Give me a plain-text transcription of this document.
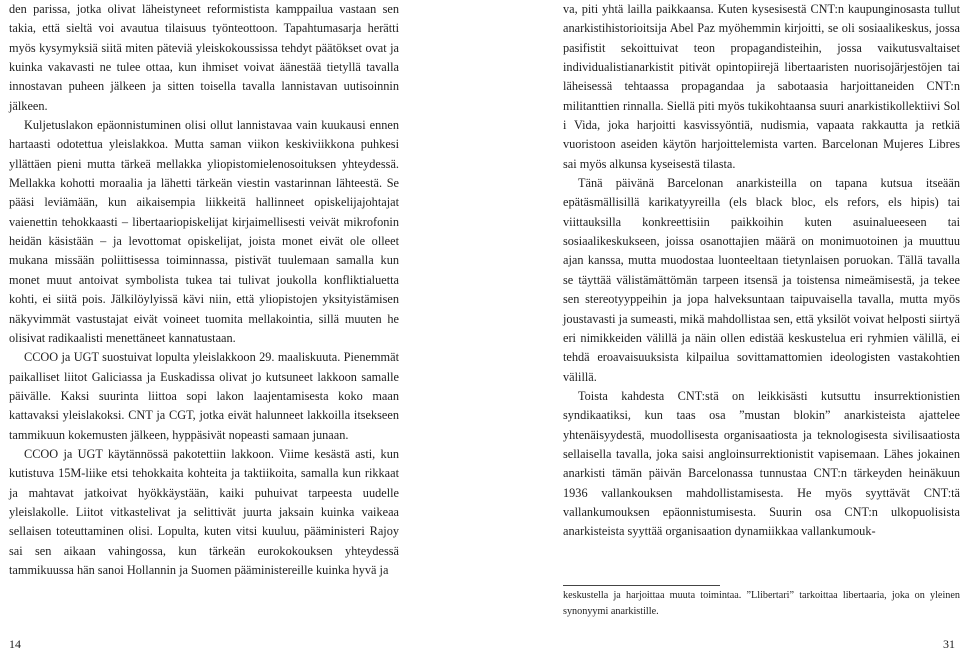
den parissa, jotka olivat läheistyneet reformistista kamppailua vastaan sen takia, että sieltä voi avautua tilaisuus työnteottoon. Tapahtumasarja herätti myös kysymyksiä siitä miten päteviä yleiskokoussissa tehdyt päätökset ovat ja kuinka vakavasti ne tulee ottaa, kun ihmiset voivat äänestää tietyllä tavalla innostavan puheen jälkeen ja sitten toisella tavalla lannistavan uutisoinnin jälkeen.

Kuljetuslakon epäonnistuminen olisi ollut lannistavaa vain kuukausi ennen hartaasti odotettua yleislakkoa. Mutta saman viikon keskiviikkona puhkesi yllättäen pieni mutta tärkeä mellakka yliopistomielenosoituksen yhteydessä. Mellakka kohotti moraalia ja lähetti tärkeän viestin vastarinnan lähteestä. Se pääsi leviämään, kun aikaisempia liikkeitä hallinneet opiskelijajohtajat vaienettin tehokkaasti – libertaariopiskelijat kirjaimellisesti veivät mikrofonin heidän käsistään – ja levottomat opiskelijat, joista monet eivät ole olleet mukana missään poliittisessa toiminnassa, pistivät tuulemaan samalla kun monet muut antoivat symbolista tukea tai tulivat joukolla konfliktialuetta kohti, ei siitä pois. Jälkilöylyissä kävi niin, että yliopistojen yksityistämisen näkyvimmät vastustajat eivät voineet tuomita mellakointia, sillä muuten he olisivat radikaalisti menettäneet kannatustaan.

CCOO ja UGT suostuivat lopulta yleislakkoon 29. maaliskuuta. Pienemmät paikalliset liitot Galiciassa ja Euskadissa olivat jo kutsuneet lakkoon samalle päivälle. Kaksi suurinta liittoa sopi lakon laajentamisesta koko maan kattavaksi yleislakoksi. CNT ja CGT, jotka eivät halunneet lakkoilla itsekseen tammikuun kokemusten jälkeen, hyppäsivät nopeasti samaan junaan.

CCOO ja UGT käytännössä pakotettiin lakkoon. Viime kesästä asti, kun kutistuva 15M-liike etsi tehokkaita kohteita ja taktiikoita, samalla kun rikkaat ja mahtavat jatkoivat hyökkäystään, kaiki puhuivat tarpeesta uudelle yleislakolle. Liitot vitkastelivat ja selittivät juurta jaksain kuinka vaikeaa sellaisen toteuttaminen olisi. Lopulta, kuten vitsi kuuluu, pääministeri Rajoy sai sen aikaan vahingossa, kun tärkeän eurokokouksen yhteydessä tammikuussa hän sanoi Hollannin ja Suomen pääministereille kuinka hyvä ja

va, piti yhtä lailla paikkaansa. Kuten kysesisestä CNT:n kaupunginosasta tullut anarkistihistorioitsija Abel Paz myöhemmin kirjoitti, se oli sosiaalikeskus, jossa pasifistit sekoittuivat teon propagandisteihin, jossa vaikutusvaltaiset individualistianarkistit pitivät opintopiirejä libertaaristen nuorisojärjestöjen tai läheisessä tehtaassa propagandaa ja sabotaasia harjoittaneiden CNT:n militanttien rinnalla. Siellä piti myös tukikohtaansa suuri anarkistikollektiivi Sol i Vida, joka harjoitti kasvissyöntiä, nudismia, vapaata rakkautta ja retkiä vuoristoon aseiden käytön harjoittelemista varten. Barcelonan Mujeres Libres sai myös alkunsa kyseisestä tilasta.

Tänä päivänä Barcelonan anarkisteilla on tapana kutsua itseään epätäsmällisillä karikatyyreilla (els black bloc, els refors, els hipis) tai viittauksilla konkreettisiin paikkoihin kuten asuinalueeseen tai sosiaalikeskukseen, joissa osanottajien määrä on monimuotoinen ja muuttuu ajan kanssa, mutta muodostaa luonteeltaan tietynlaisen poruokan. Tällä tavalla se täyttää välistämättömän tarpeen itsensä ja toistensa nimeämisestä, ja tekee sen stereotyyppeihin ja jopa halveksuntaan taipuvaisella tavalla, mutta myös joustavasti ja sumeasti, mikä mahdollistaa sen, että yksilöt voivat helposti siirtyä eri nimikkeiden välillä ja näin ollen edistää keskustelua eri ryhmien välillä, ei tehdä eroavaisuuksista kilpailua sovittamattomien ideologisten vastakohtien välillä.

Toista kahdesta CNT:stä on leikkisästi kutsuttu insurrektionistien syndikaatiksi, kun taas osa ”mustan blokin” anarkisteista ajattelee yhtenäisyydestä, muodollisesta organisaatiosta ja teknologisesta sivilisaatiosta sellaisella tavalla, joka saisi angloinsurrektionistit vapisemaan. Lähes jokainen anarkisti tämän päivän Barcelonassa tunnustaa CNT:n tärkeyden heinäkuun 1936 vallankouksen mahdollistamisesta. He myös syyttävät CNT:tä vallankumouksen epäonnistumisesta. Suurin osa CNT:n ulkopuolisista anarkisteista syyttää organisaation dynamiikkaa vallankumouk-

keskustella ja harjoittaa muuta toimintaa. ”Llibertari” tarkoittaa libertaaria, joka on yleinen synonyymi anarkistille.

14	31
